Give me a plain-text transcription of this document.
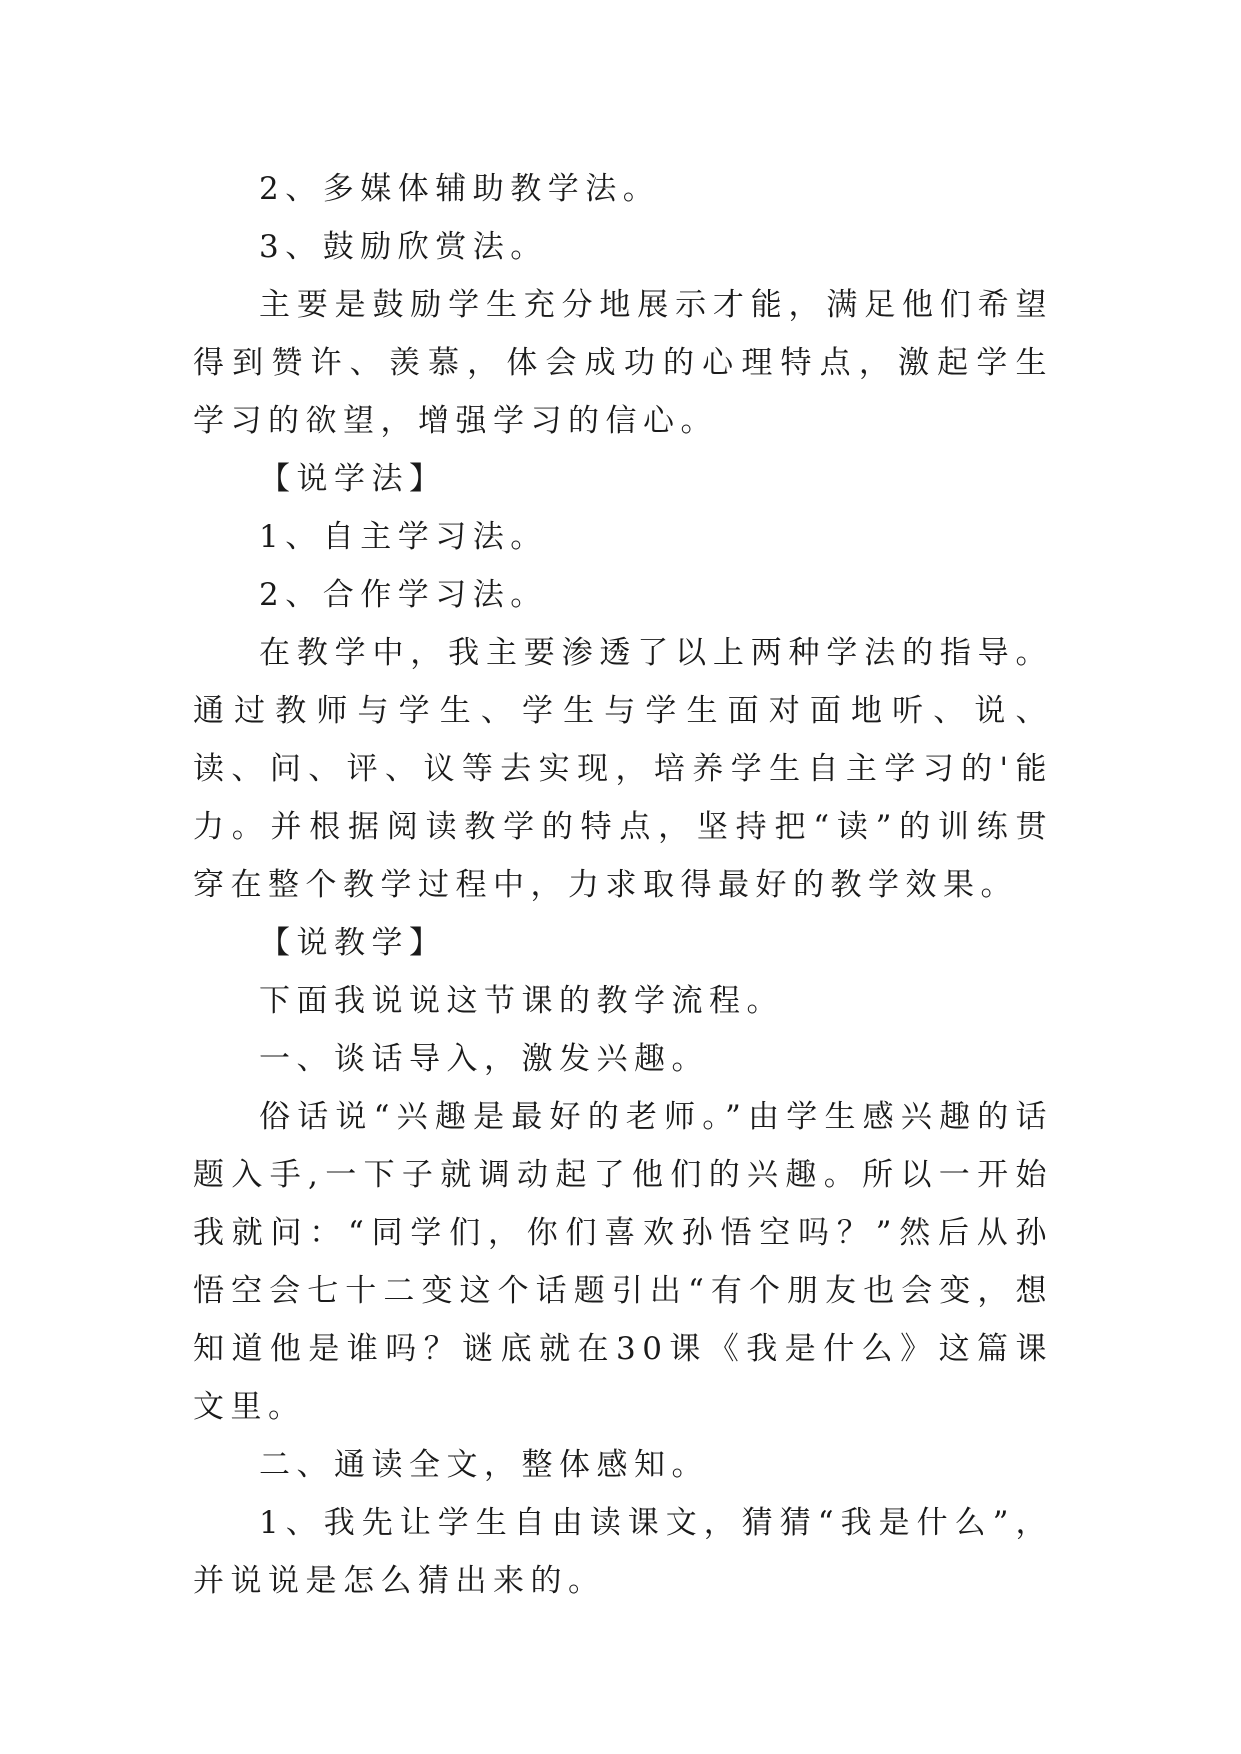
2、多媒体辅助教学法。

3、鼓励欣赏法。

主要是鼓励学生充分地展示才能，满足他们希望得到赞许、羡慕，体会成功的心理特点，激起学生学习的欲望，增强学习的信心。

【说学法】

1、自主学习法。

2、合作学习法。

在教学中，我主要渗透了以上两种学法的指导。通过教师与学生、学生与学生面对面地听、说、读、问、评、议等去实现，培养学生自主学习的'能力。并根据阅读教学的特点，坚持把“读”的训练贯穿在整个教学过程中，力求取得最好的教学效果。

【说教学】

下面我说说这节课的教学流程。

一、谈话导入，激发兴趣。

俗话说“兴趣是最好的老师。”由学生感兴趣的话题入手,一下子就调动起了他们的兴趣。所以一开始我就问：“同学们，你们喜欢孙悟空吗？”然后从孙悟空会七十二变这个话题引出“有个朋友也会变，想知道他是谁吗？谜底就在30课《我是什么》这篇课文里。

二、通读全文，整体感知。

1、我先让学生自由读课文，猜猜“我是什么”，并说说是怎么猜出来的。
